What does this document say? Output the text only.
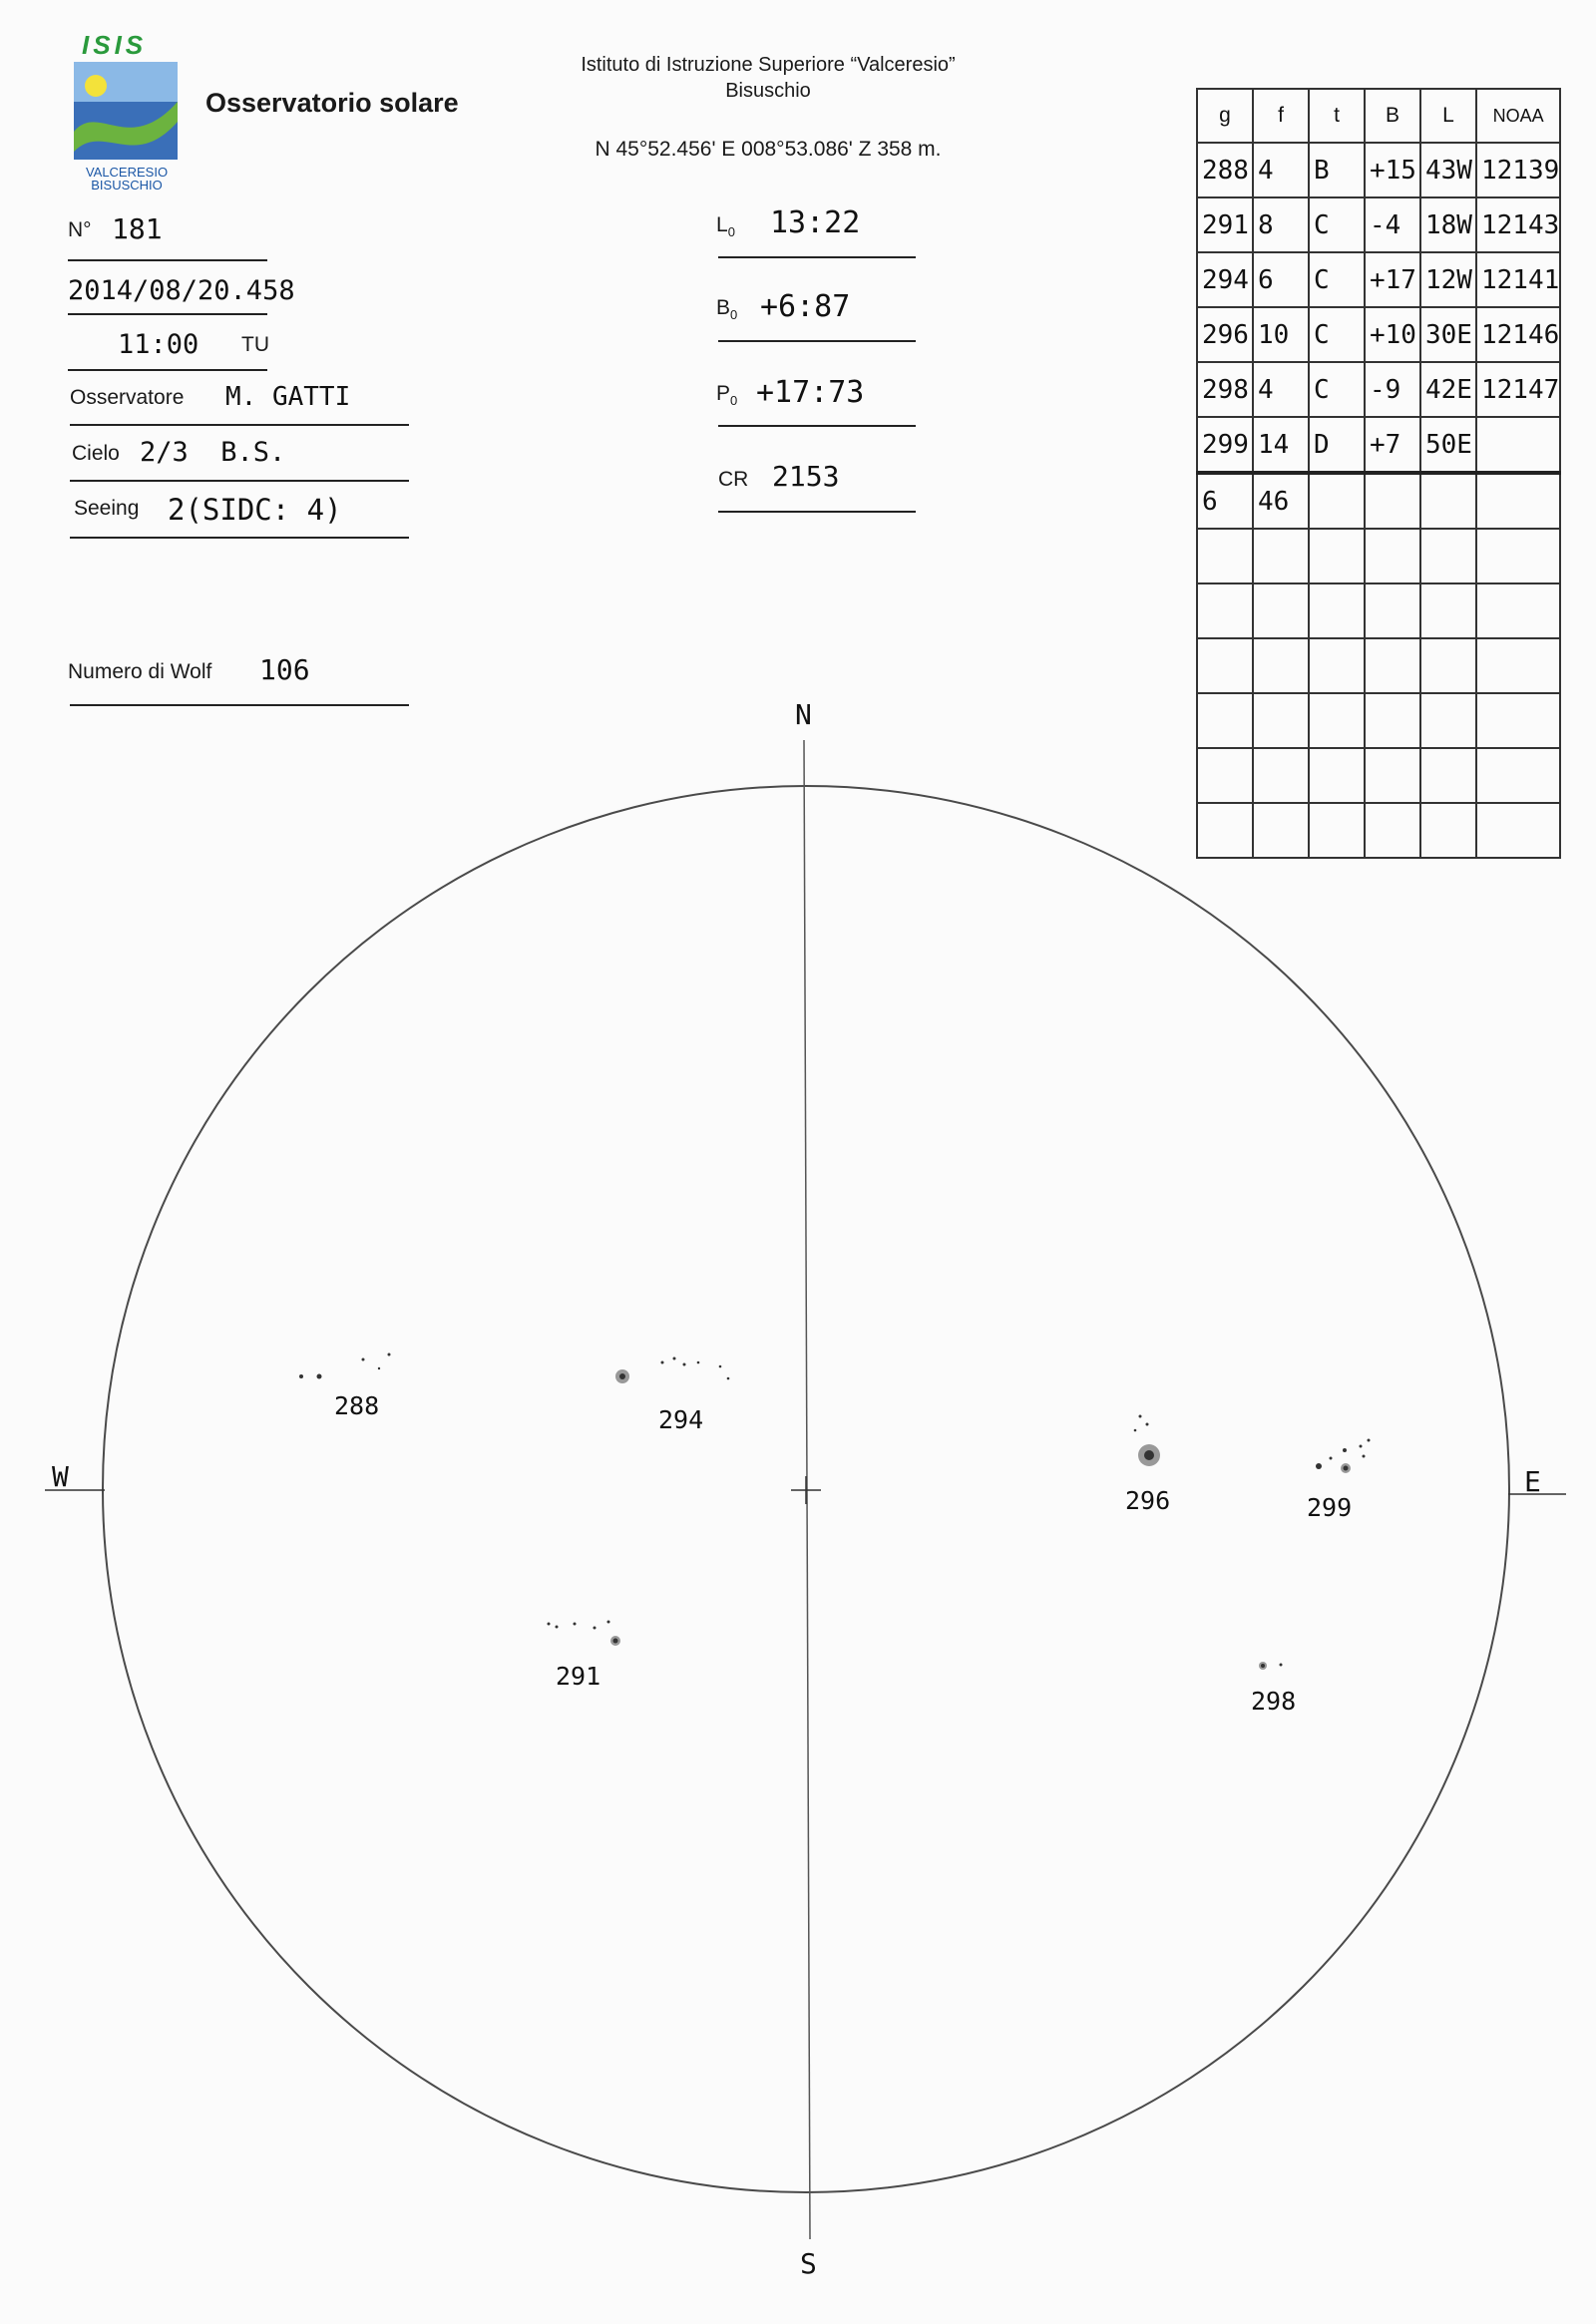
ISIS
VALCERESIO
BISUSCHIO
Osservatorio solare
Istituto di Istruzione Superiore “Valceresio”
Bisuschio
N 45°52.456' E 008°53.086' Z 358 m.
N° 181
2014/08/20.458
11:00 TU
Osservatore M. GATTI
Cielo 2/3  B.S.
Seeing 2(SIDC: 4)
Numero di Wolf 106
$L_0$ 13:22
$B_0$ +6:87
$P_0$ +17:73
CR 2153
g	f	t	B	L	NOAA
288	4	B	+15	43W	12139
291	8	C	-4	18W	12143
294	6	C	+17	12W	12141
296	10	C	+10	30E	12146
298	4	C	-9	42E	12147
299	14	D	+7	50E	
6	46				

N
S
W	E
288	294
296	299
291
298
